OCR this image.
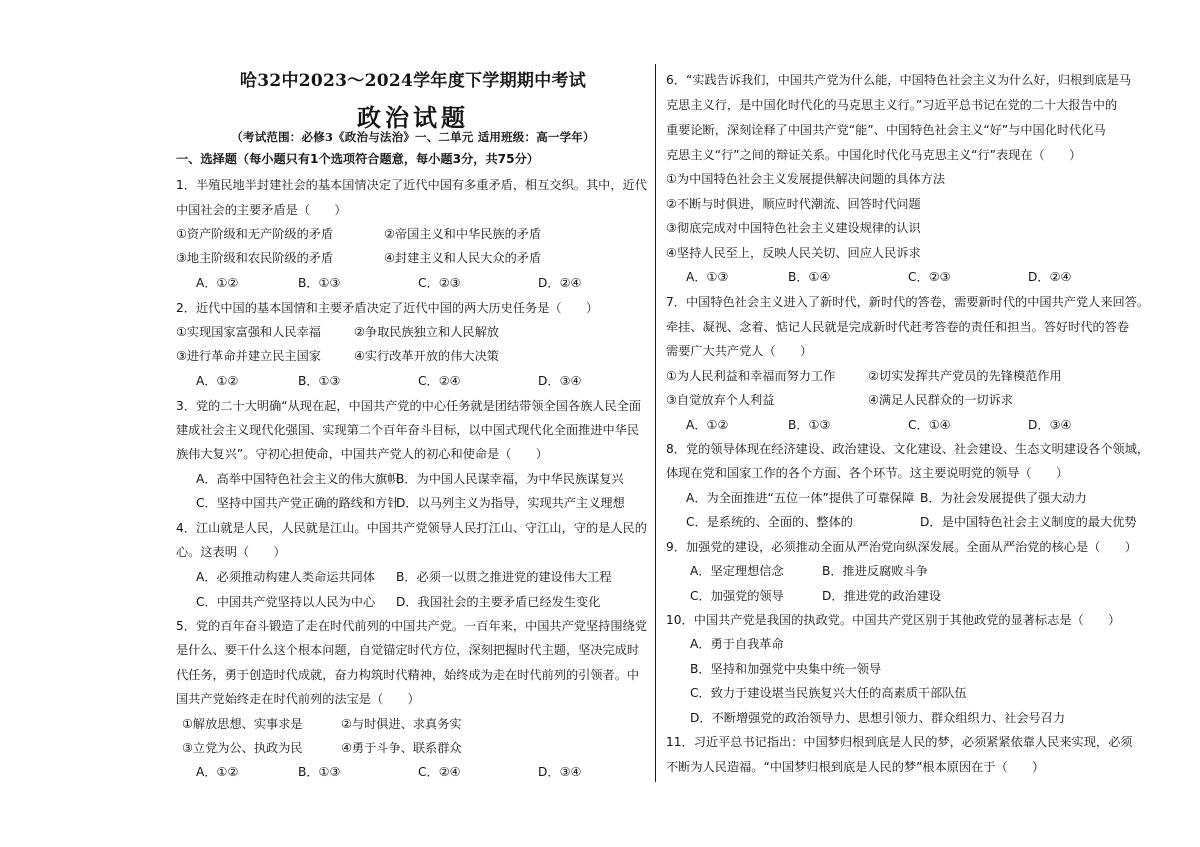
哈32中2023～2024学年度下学期期中考试
政治试题
（考试范围：必修3《政治与法治》一、二单元 适用班级：高一学年）
一、选择题（每小题只有1个选项符合题意，每小题3分，共75分）
1．半殖民地半封建社会的基本国情决定了近代中国有多重矛盾，相互交织。其中，近代
中国社会的主要矛盾是（　　）
①资产阶级和无产阶级的矛盾	②帝国主义和中华民族的矛盾
③地主阶级和农民阶级的矛盾	④封建主义和人民大众的矛盾
A．①②	B．①③	C．②③	D．②④
2．近代中国的基本国情和主要矛盾决定了近代中国的两大历史任务是（　　）
①实现国家富强和人民幸福	②争取民族独立和人民解放
③进行革命并建立民主国家	④实行改革开放的伟大决策
A．①②	B．①③	C．②④	D．③④
3．党的二十大明确“从现在起，中国共产党的中心任务就是团结带领全国各族人民全面
建成社会主义现代化强国、实现第二个百年奋斗目标，以中国式现代化全面推进中华民
族伟大复兴”。守初心担使命，中国共产党人的初心和使命是（　　）
A．高举中国特色社会主义的伟大旗帜
B．为中国人民谋幸福，为中华民族谋复兴
C．坚持中国共产党正确的路线和方针
D．以马列主义为指导，实现共产主义理想
4．江山就是人民，人民就是江山。中国共产党领导人民打江山、守江山，守的是人民的
心。这表明（　　）
A．必须推动构建人类命运共同体 B．必须一以贯之推进党的建设伟大工程
C．中国共产党坚持以人民为中心 D．我国社会的主要矛盾已经发生变化
5．党的百年奋斗锻造了走在时代前列的中国共产党。一百年来，中国共产党坚持围绕党
是什么、要干什么这个根本问题，自觉锚定时代方位，深刻把握时代主题，坚决完成时
代任务，勇于创造时代成就，奋力构筑时代精神，始终成为走在时代前列的引领者。中
国共产党始终走在时代前列的法宝是（　　）
①解放思想、实事求是	②与时俱进、求真务实
③立党为公、执政为民	④勇于斗争、联系群众
A．①②	B．①③	C．②④	D．③④
6．“实践告诉我们，中国共产党为什么能，中国特色社会主义为什么好，归根到底是马
克思主义行，是中国化时代化的马克思主义行。”习近平总书记在党的二十大报告中的
重要论断，深刻诠释了中国共产党“能”、中国特色社会主义“好”与中国化时代化马
克思主义“行”之间的辩证关系。中国化时代化马克思主义“行”表现在（　　）
①为中国特色社会主义发展提供解决问题的具体方法
②不断与时俱进，顺应时代潮流、回答时代问题
③彻底完成对中国特色社会主义建设规律的认识
④坚持人民至上，反映人民关切、回应人民诉求
A．①③	B．①④	C．②③	D．②④
7．中国特色社会主义进入了新时代，新时代的答卷，需要新时代的中国共产党人来回答。
牵挂、凝视、念着、惦记人民就是完成新时代赶考答卷的责任和担当。答好时代的答卷
需要广大共产党人（　　）
①为人民利益和幸福而努力工作	②切实发挥共产党员的先锋模范作用
③自觉放弃个人利益	④满足人民群众的一切诉求
A．①②	B．①③	C．①④	D．③④
8．党的领导体现在经济建设、政治建设、文化建设、社会建设、生态文明建设各个领域，
体现在党和国家工作的各个方面、各个环节。这主要说明党的领导（　　）
A．为全面推进“五位一体”提供了可靠保障 B．为社会发展提供了强大动力
C．是系统的、全面的、整体的	D．是中国特色社会主义制度的最大优势
9．加强党的建设，必须推动全面从严治党向纵深发展。全面从严治党的核心是（　　）
A．坚定理想信念	B．推进反腐败斗争
C．加强党的领导	D．推进党的政治建设
10．中国共产党是我国的执政党。中国共产党区别于其他政党的显著标志是（　　）
A．勇于自我革命
B．坚持和加强党中央集中统一领导
C．致力于建设堪当民族复兴大任的高素质干部队伍
D．不断增强党的政治领导力、思想引领力、群众组织力、社会号召力
11．习近平总书记指出：中国梦归根到底是人民的梦，必须紧紧依靠人民来实现，必须
不断为人民造福。“中国梦归根到底是人民的梦”根本原因在于（　　）
